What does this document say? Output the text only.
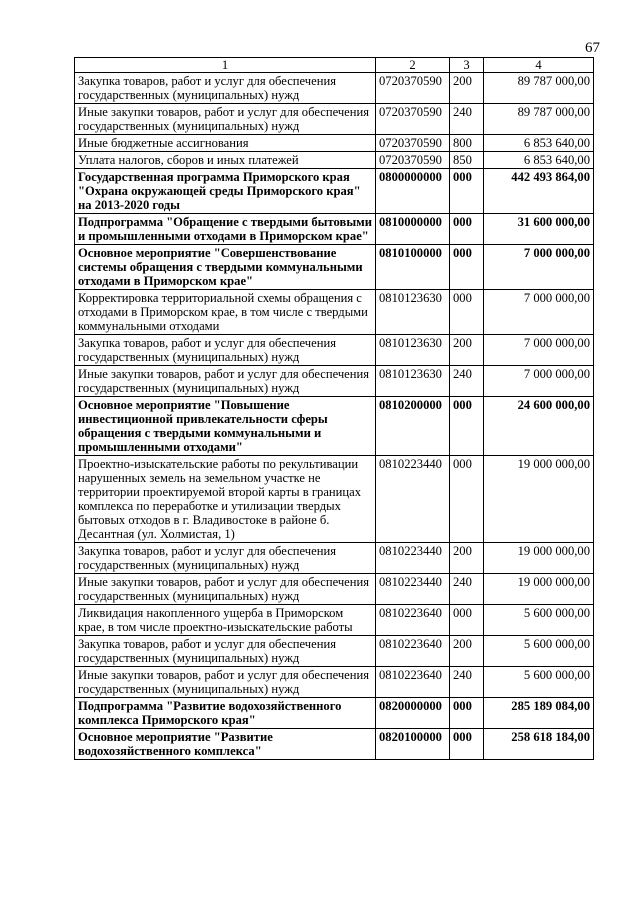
67
1	2	3	4
Закупка товаров, работ и услуг для обеспечения государственных (муниципальных) нужд	0720370590	200	89 787 000,00
Иные закупки товаров, работ и услуг для обеспечения государственных (муниципальных) нужд	0720370590	240	89 787 000,00
Иные бюджетные ассигнования	0720370590	800	6 853 640,00
Уплата налогов, сборов и иных платежей	0720370590	850	6 853 640,00
Государственная программа Приморского края "Охрана окружающей среды Приморского края" на 2013-2020 годы	0800000000	000	442 493 864,00
Подпрограмма "Обращение с твердыми бытовыми и промышленными отходами в Приморском крае"	0810000000	000	31 600 000,00
Основное мероприятие "Совершенствование системы обращения с твердыми коммунальными отходами в Приморском крае"	0810100000	000	7 000 000,00
Корректировка территориальной схемы обращения с отходами в Приморском крае, в том числе с твердыми коммунальными отходами	0810123630	000	7 000 000,00
Закупка товаров, работ и услуг для обеспечения государственных (муниципальных) нужд	0810123630	200	7 000 000,00
Иные закупки товаров, работ и услуг для обеспечения государственных (муниципальных) нужд	0810123630	240	7 000 000,00
Основное мероприятие "Повышение инвестиционной привлекательности сферы обращения с твердыми коммунальными и промышленными отходами"	0810200000	000	24 600 000,00
Проектно-изыскательские работы по рекультивации нарушенных земель на земельном участке не территории проектируемой второй карты в границах комплекса по переработке и утилизации твердых бытовых отходов в г. Владивостоке в районе б. Десантная (ул. Холмистая, 1)	0810223440	000	19 000 000,00
Закупка товаров, работ и услуг для обеспечения государственных (муниципальных) нужд	0810223440	200	19 000 000,00
Иные закупки товаров, работ и услуг для обеспечения государственных (муниципальных) нужд	0810223440	240	19 000 000,00
Ликвидация накопленного ущерба в Приморском крае, в том числе проектно-изыскательские работы	0810223640	000	5 600 000,00
Закупка товаров, работ и услуг для обеспечения государственных (муниципальных) нужд	0810223640	200	5 600 000,00
Иные закупки товаров, работ и услуг для обеспечения государственных (муниципальных) нужд	0810223640	240	5 600 000,00
Подпрограмма "Развитие водохозяйственного комплекса Приморского края"	0820000000	000	285 189 084,00
Основное мероприятие "Развитие водохозяйственного комплекса"	0820100000	000	258 618 184,00
